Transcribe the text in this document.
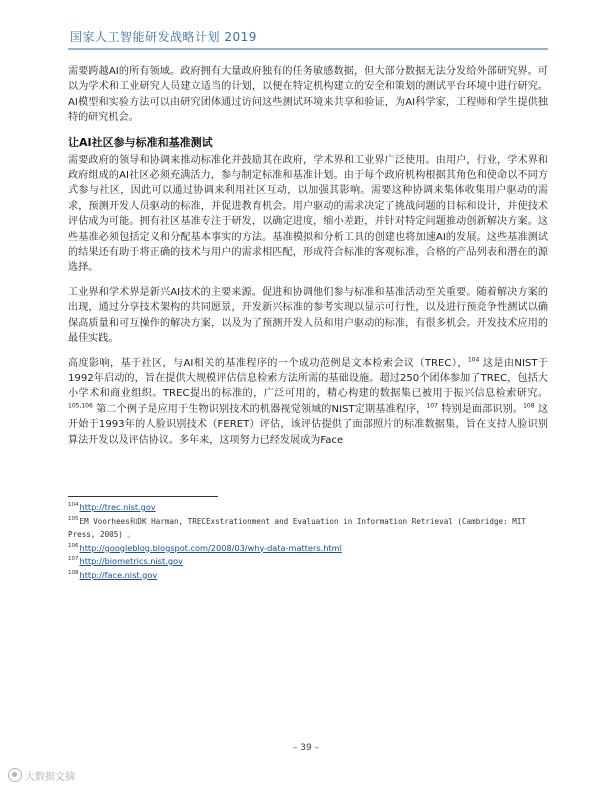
国家人工智能研发战略计划 2019

需要跨越AI的所有领域。政府拥有大量政府独有的任务敏感数据，但大部分数据无法分发给外部研究界。可以为学术和工业研究人员建立适当的计划，以便在特定机构建立的安全和策划的测试平台环境中进行研究。AI模型和实验方法可以由研究团体通过访问这些测试环境来共享和验证，为AI科学家，工程师和学生提供独特的研究机会。

让AI社区参与标准和基准测试

需要政府的领导和协调来推动标准化并鼓励其在政府，学术界和工业界广泛使用。由用户，行业，学术界和政府组成的AI社区必须充满活力，参与制定标准和基准计划。由于每个政府机构根据其角色和使命以不同方式参与社区，因此可以通过协调来利用社区互动，以加强其影响。需要这种协调来集体收集用户驱动的需求，预测开发人员驱动的标准，并促进教育机会。用户驱动的需求决定了挑战问题的目标和设计，并使技术评估成为可能。拥有社区基准专注于研发，以确定进度，缩小差距，并针对特定问题推动创新解决方案。这些基准必须包括定义和分配基本事实的方法。基准模拟和分析工具的创建也将加速AI的发展。这些基准测试的结果还有助于将正确的技术与用户的需求相匹配，形成符合标准的客观标准，合格的产品列表和潜在的源选择。

工业界和学术界是新兴AI技术的主要来源。促进和协调他们参与标准和基准活动至关重要。随着解决方案的出现，通过分享技术架构的共同愿景，开发新兴标准的参考实现以显示可行性，以及进行预竞争性测试以确保高质量和可互操作的解决方案，以及为了预测开发人员和用户驱动的标准，有很多机会。开发技术应用的最佳实践。

高度影响，基于社区，与AI相关的基准程序的一个成功范例是文本检索会议（TREC），$^{104}$ 这是由NIST于1992年启动的，旨在提供大规模评估信息检索方法所需的基础设施。超过250个团体参加了TREC，包括大小学术和商业组织。TREC提出的标准的，广泛可用的，精心构建的数据集已被用于振兴信息检索研究。$^{105,106}$ 第二个例子是应用于生物识别技术的机器视觉领域的NIST定期基准程序，$^{107}$ 特别是面部识别。$^{108}$ 这开始于1993年的人脸识别技术（FERET）评估，该评估提供了面部照片的标准数据集，旨在支持人脸识别算法开发以及评估协议。多年来，这项努力已经发展成为Face

$^{104}$http://trec.nist.gov
$^{105}$EM Voorhees和DK Harman, TRECExstrationment and Evaluation in Information Retrieval (Cambridge: MIT Press, 2005) 。
$^{106}$http://googleblog.blogspot.com/2008/03/why-data-matters.html
$^{107}$http://biometrics.nist.gov
$^{108}$http://face.nist.gov
– 39 –
大数据文摘
